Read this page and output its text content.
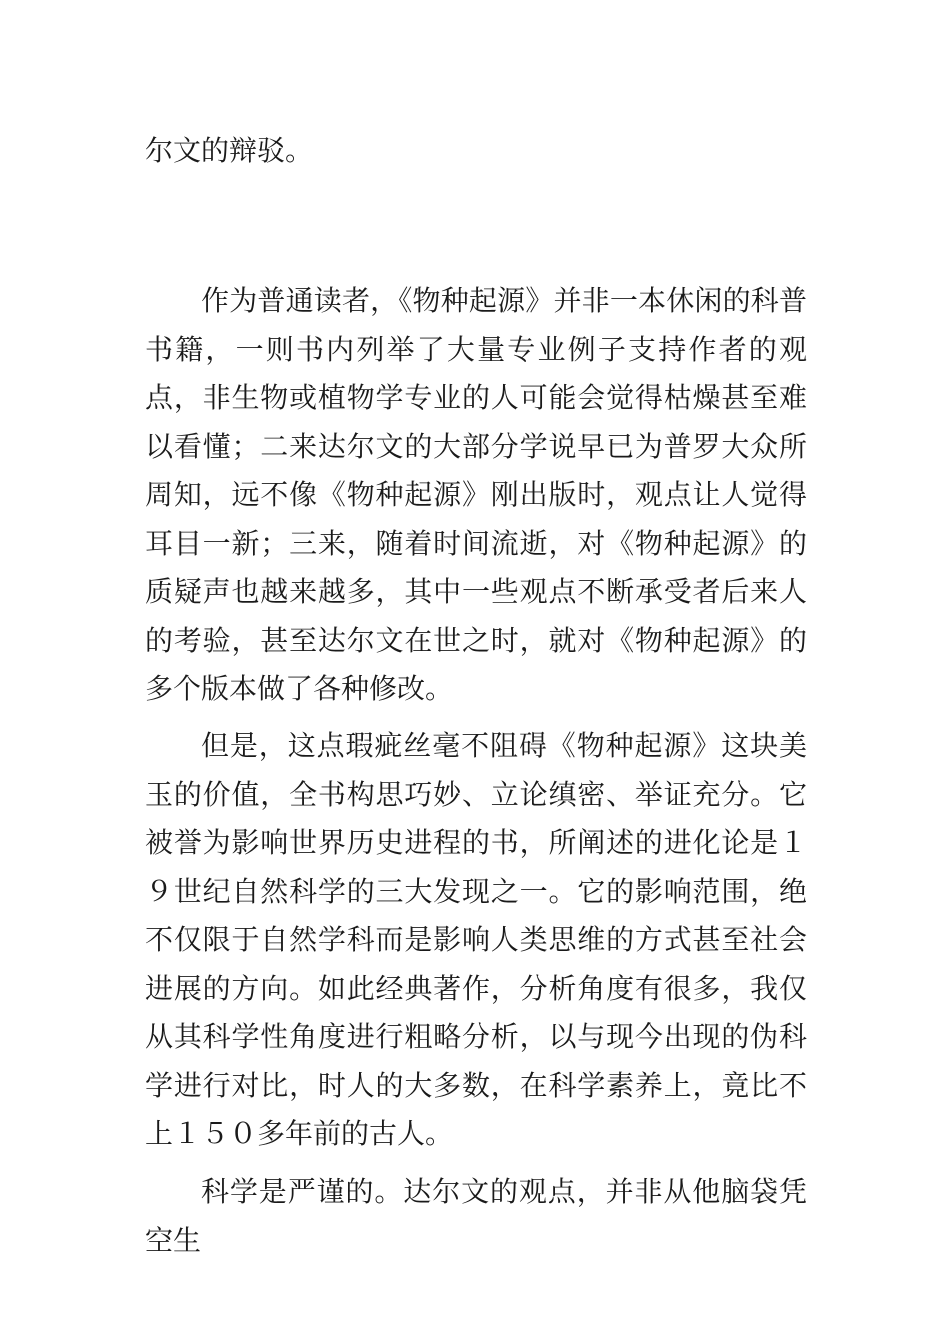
尔文的辩驳。

作为普通读者，《物种起源》并非一本休闲的科普书籍，一则书内列举了大量专业例子支持作者的观点，非生物或植物学专业的人可能会觉得枯燥甚至难以看懂；二来达尔文的大部分学说早已为普罗大众所周知，远不像《物种起源》刚出版时，观点让人觉得耳目一新；三来，随着时间流逝，对《物种起源》的质疑声也越来越多，其中一些观点不断承受者后来人的考验，甚至达尔文在世之时，就对《物种起源》的多个版本做了各种修改。

但是，这点瑕疵丝毫不阻碍《物种起源》这块美玉的价值，全书构思巧妙、立论缜密、举证充分。它被誉为影响世界历史进程的书，所阐述的进化论是１９世纪自然科学的三大发现之一。它的影响范围，绝不仅限于自然学科而是影响人类思维的方式甚至社会进展的方向。如此经典著作，分析角度有很多，我仅从其科学性角度进行粗略分析，以与现今出现的伪科学进行对比，时人的大多数，在科学素养上，竟比不上１５０多年前的古人。

科学是严谨的。达尔文的观点，并非从他脑袋凭空生
